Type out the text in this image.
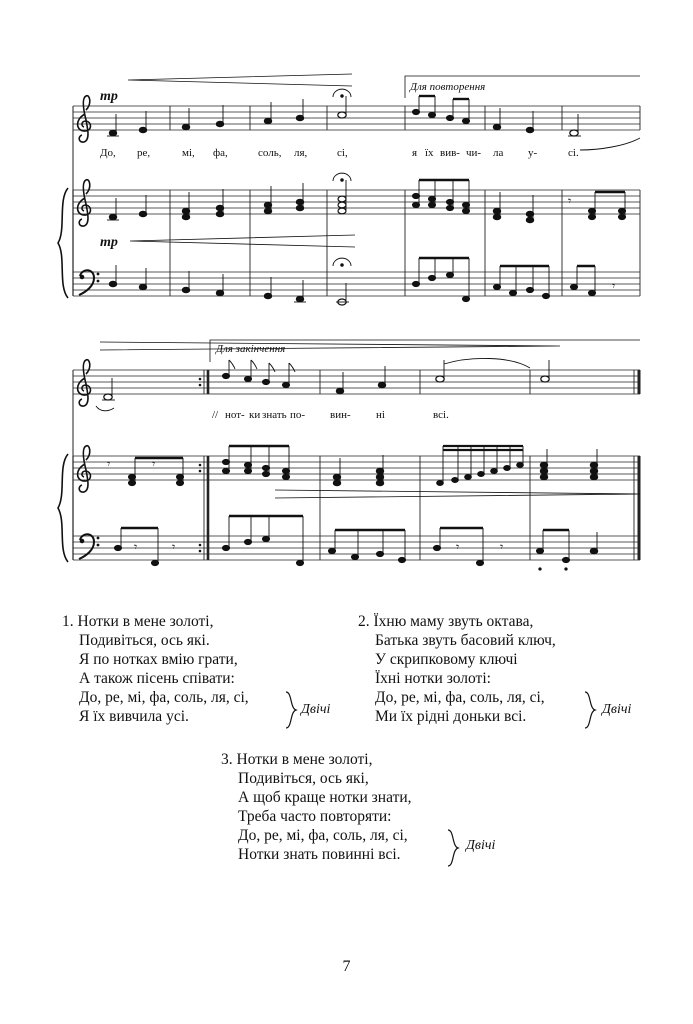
mp
mp
Для повторення
До, ре,	мі, фа,	соль, ля,	сі,	я їх вив- чи- ла у-	сі.
𝄾
𝄾
Для закінчення
// нот- ки знать по- вин- ні	всі.
𝄾	𝄾
𝄾	𝄾	𝄾	𝄾
1. Нотки в мене золоті,
Подивіться, ось які.
Я по нотках вмію грати,
А також пісень співати:
До, ре, мі, фа, соль, ля, сі,
Я їх вивчила усі.	Двічі
2. Їхню маму звуть октава,
Батька звуть басовий ключ,
У скрипковому ключі
Їхні нотки золоті:
До, ре, мі, фа, соль, ля, сі,
Ми їх рідні доньки всі.	Двічі
3. Нотки в мене золоті,
Подивіться, ось які,
А щоб краще нотки знати,
Треба часто повторяти:
До, ре, мі, фа, соль, ля, сі,
Нотки знать повинні всі.
Двічі
7
